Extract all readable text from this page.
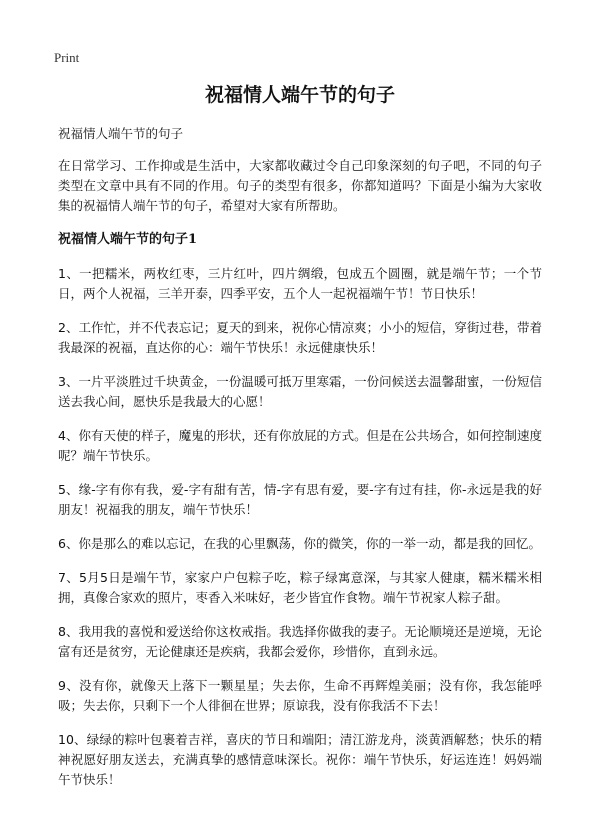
Print
祝福情人端午节的句子
祝福情人端午节的句子

在日常学习、工作抑或是生活中，大家都收藏过令自己印象深刻的句子吧，不同的句子类型在文章中具有不同的作用。句子的类型有很多，你都知道吗？下面是小编为大家收集的祝福情人端午节的句子，希望对大家有所帮助。

祝福情人端午节的句子1

1、一把糯米，两枚红枣，三片红叶，四片绸缎，包成五个圆圈，就是端午节；一个节日，两个人祝福，三羊开泰，四季平安，五个人一起祝福端午节！节日快乐！

2、工作忙，并不代表忘记；夏天的到来，祝你心情凉爽；小小的短信，穿街过巷，带着我最深的祝福，直达你的心：端午节快乐！永远健康快乐！

3、一片平淡胜过千块黄金，一份温暖可抵万里寒霜，一份问候送去温馨甜蜜，一份短信送去我心间，愿快乐是我最大的心愿！

4、你有天使的样子，魔鬼的形状，还有你放屁的方式。但是在公共场合，如何控制速度呢？端午节快乐。

5、缘-字有你有我，爱-字有甜有苦，情-字有思有爱，要-字有过有挂，你-永远是我的好朋友！祝福我的朋友，端午节快乐！

6、你是那么的难以忘记，在我的心里飘荡，你的微笑，你的一举一动，都是我的回忆。

7、5月5日是端午节，家家户户包粽子吃，粽子绿寓意深，与其家人健康，糯米糯米相拥，真像合家欢的照片，枣香入米味好，老少皆宜作食物。端午节祝家人粽子甜。

8、我用我的喜悦和爱送给你这枚戒指。我选择你做我的妻子。无论顺境还是逆境，无论富有还是贫穷，无论健康还是疾病，我都会爱你，珍惜你，直到永远。

9、没有你，就像天上落下一颗星星；失去你，生命不再辉煌美丽；没有你，我怎能呼吸；失去你，只剩下一个人徘徊在世界；原谅我，没有你我活不下去！

10、绿绿的粽叶包裹着吉祥，喜庆的节日和端阳；清江游龙舟，淡黄酒解愁；快乐的精神祝愿好朋友送去，充满真挚的感情意味深长。祝你：端午节快乐，好运连连！妈妈端午节快乐！
